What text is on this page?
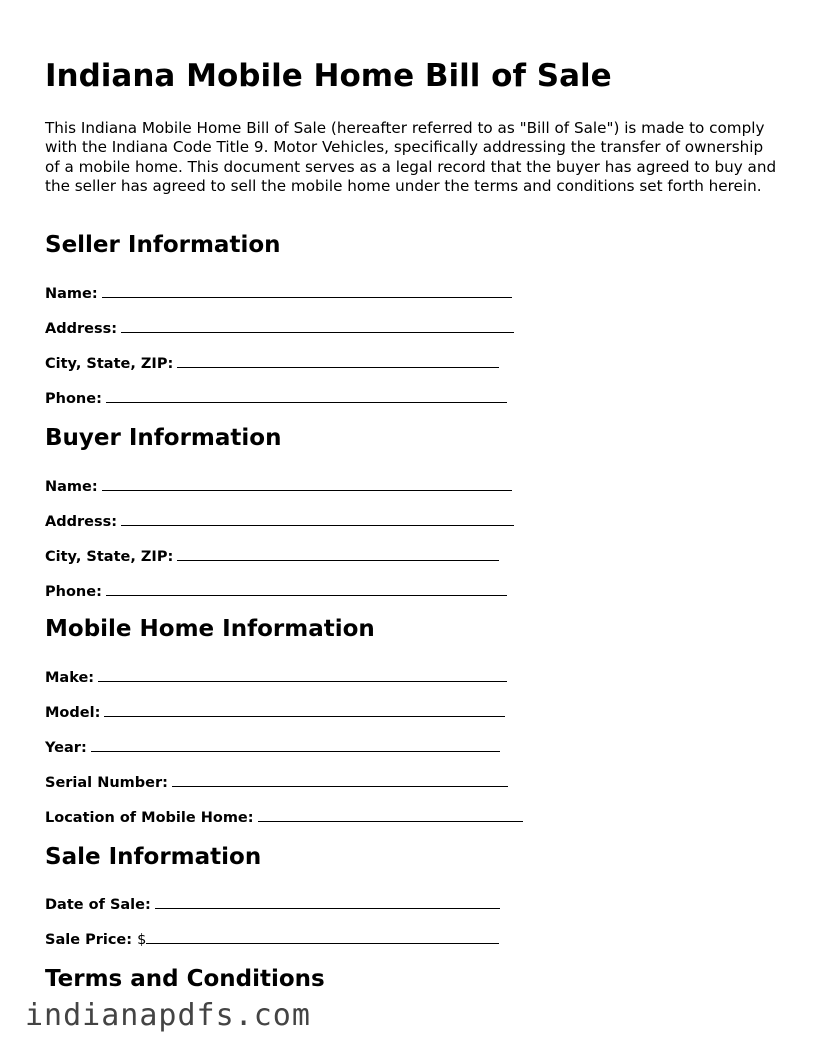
Indiana Mobile Home Bill of Sale

This Indiana Mobile Home Bill of Sale (hereafter referred to as "Bill of Sale") is made to comply with the Indiana Code Title 9. Motor Vehicles, specifically addressing the transfer of ownership of a mobile home. This document serves as a legal record that the buyer has agreed to buy and the seller has agreed to sell the mobile home under the terms and conditions set forth herein.

Seller Information
Name:
Address:
City, State, ZIP:
Phone:
Buyer Information
Name:
Address:
City, State, ZIP:
Phone:
Mobile Home Information
Make:
Model:
Year:
Serial Number:
Location of Mobile Home:
Sale Information
Date of Sale:
Sale Price: $
Terms and Conditions
indianapdfs.com
